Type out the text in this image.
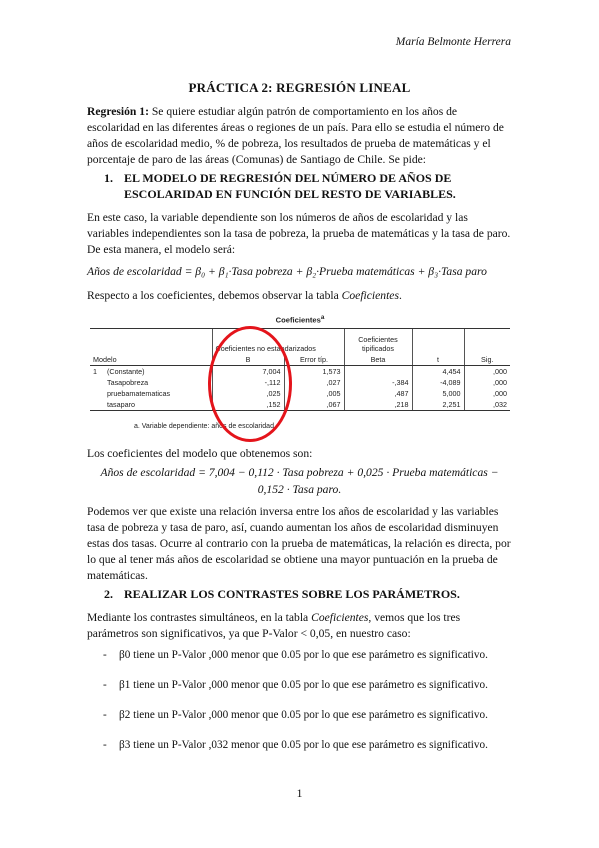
María Belmonte Herrera
PRÁCTICA 2: REGRESIÓN LINEAL
Regresión 1: Se quiere estudiar algún patrón de comportamiento en los años de escolaridad en las diferentes áreas o regiones de un país. Para ello se estudia el número de años de escolaridad medio, % de pobreza, los resultados de prueba de matemáticas y el porcentaje de paro de las áreas (Comunas) de Santiago de Chile. Se pide:
1. EL MODELO DE REGRESIÓN DEL NÚMERO DE AÑOS DE ESCOLARIDAD EN FUNCIÓN DEL RESTO DE VARIABLES.
En este caso, la variable dependiente son los números de años de escolaridad y las variables independientes son la tasa de pobreza, la prueba de matemáticas y la tasa de paro. De esta manera, el modelo será:
Años de escolaridad = β₀ + β₁·Tasa pobreza + β₂·Prueba matemáticas + β₃·Tasa paro
Respecto a los coeficientes, debemos observar la tabla Coeficientes.
Coeficientes$^a$
		Coeficientes no estandarizados		Coeficientes tipificados		
Modelo		B	Error típ.	Beta	t	Sig.
1	(Constante)	7,004	1,573		4,454	,000
	Tasapobreza	-,112	,027	-,384	-4,089	,000
	pruebamatematicas	,025	,005	,487	5,000	,000
	tasaparo	,152	,067	,218	2,251	,032
a. Variable dependiente: años de escolaridad
Los coeficientes del modelo que obtenemos son:
Años de escolaridad = 7,004 − 0,112 · Tasa pobreza + 0,025 · Prueba matemáticas −
0,152 · Tasa paro.
Podemos ver que existe una relación inversa entre los años de escolaridad y las variables tasa de pobreza y tasa de paro, así, cuando aumentan los años de escolaridad disminuyen estas dos tasas. Ocurre al contrario con la prueba de matemáticas, la relación es directa, por lo que al tener más años de escolaridad se obtiene una mayor puntuación en la prueba de matemáticas.
2. REALIZAR LOS CONTRASTES SOBRE LOS PARÁMETROS.
Mediante los contrastes simultáneos, en la tabla Coeficientes, vemos que los tres parámetros son significativos, ya que P-Valor < 0,05, en nuestro caso:
- β0 tiene un P-Valor ,000 menor que 0.05 por lo que ese parámetro es significativo.
- β1 tiene un P-Valor ,000 menor que 0.05 por lo que ese parámetro es significativo.
- β2 tiene un P-Valor ,000 menor que 0.05 por lo que ese parámetro es significativo.
- β3 tiene un P-Valor ,032 menor que 0.05 por lo que ese parámetro es significativo.
1
